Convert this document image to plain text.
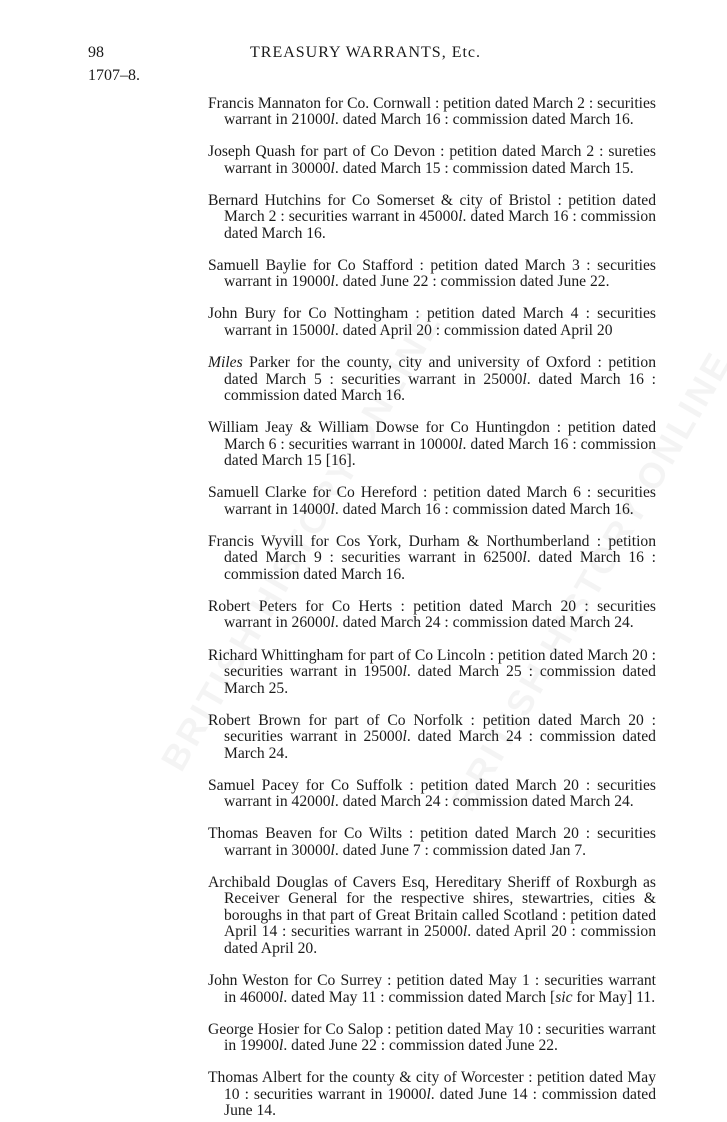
98	TREASURY WARRANTS, Etc.
1707–8.

Francis Mannaton for Co. Cornwall : petition dated March 2 : securities warrant in 21000l. dated March 16 : commission dated March 16.

Joseph Quash for part of Co Devon : petition dated March 2 : sureties warrant in 30000l. dated March 15 : commission dated March 15.

Bernard Hutchins for Co Somerset & city of Bristol : petition dated March 2 : securities warrant in 45000l. dated March 16 : commission dated March 16.

Samuell Baylie for Co Stafford : petition dated March 3 : securities warrant in 19000l. dated June 22 : commission dated June 22.

John Bury for Co Nottingham : petition dated March 4 : securities warrant in 15000l. dated April 20 : commission dated April 20

Miles Parker for the county, city and university of Oxford : petition dated March 5 : securities warrant in 25000l. dated March 16 : commission dated March 16.

William Jeay & William Dowse for Co Huntingdon : petition dated March 6 : securities warrant in 10000l. dated March 16 : commission dated March 15 [16].

Samuell Clarke for Co Hereford : petition dated March 6 : securities warrant in 14000l. dated March 16 : commission dated March 16.

Francis Wyvill for Cos York, Durham & Northumberland : petition dated March 9 : securities warrant in 62500l. dated March 16 : commission dated March 16.

Robert Peters for Co Herts : petition dated March 20 : securities warrant in 26000l. dated March 24 : commission dated March 24.

Richard Whittingham for part of Co Lincoln : petition dated March 20 : securities warrant in 19500l. dated March 25 : commission dated March 25.

Robert Brown for part of Co Norfolk : petition dated March 20 : securities warrant in 25000l. dated March 24 : commission dated March 24.

Samuel Pacey for Co Suffolk : petition dated March 20 : securities warrant in 42000l. dated March 24 : commission dated March 24.

Thomas Beaven for Co Wilts : petition dated March 20 : securities warrant in 30000l. dated June 7 : commission dated Jan 7.

Archibald Douglas of Cavers Esq, Hereditary Sheriff of Roxburgh as Receiver General for the respective shires, stewartries, cities & boroughs in that part of Great Britain called Scotland : petition dated April 14 : securities warrant in 25000l. dated April 20 : commission dated April 20.

John Weston for Co Surrey : petition dated May 1 : securities warrant in 46000l. dated May 11 : commission dated March [sic for May] 11.

George Hosier for Co Salop : petition dated May 10 : securities warrant in 19900l. dated June 22 : commission dated June 22.

Thomas Albert for the county & city of Worcester : petition dated May 10 : securities warrant in 19000l. dated June 14 : commission dated June 14.
